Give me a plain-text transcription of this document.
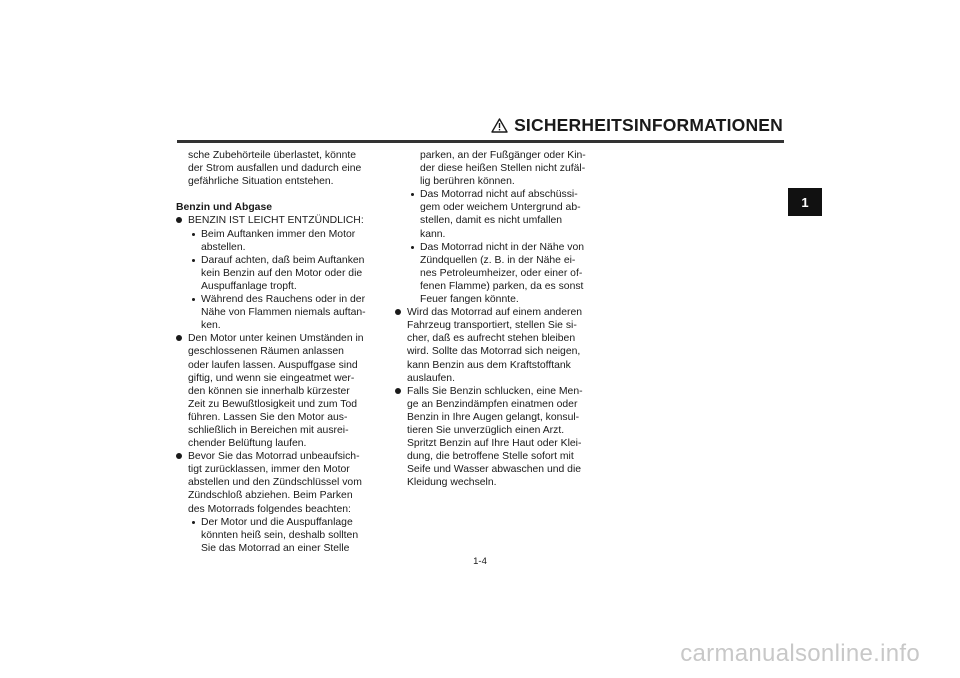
SICHERHEITSINFORMATIONEN
1
sche Zubehörteile überlastet, könnte
der Strom ausfallen und dadurch eine
gefährliche Situation entstehen.
Benzin und Abgase
BENZIN IST LEICHT ENTZÜNDLICH:
Beim Auftanken immer den Motor
abstellen.
Darauf achten, daß beim Auftanken
kein Benzin auf den Motor oder die
Auspuffanlage tropft.
Während des Rauchens oder in der
Nähe von Flammen niemals auftan-
ken.
Den Motor unter keinen Umständen in
geschlossenen Räumen anlassen
oder laufen lassen. Auspuffgase sind
giftig, und wenn sie eingeatmet wer-
den können sie innerhalb kürzester
Zeit zu Bewußtlosigkeit und zum Tod
führen. Lassen Sie den Motor aus-
schließlich in Bereichen mit ausrei-
chender Belüftung laufen.
Bevor Sie das Motorrad unbeaufsich-
tigt zurücklassen, immer den Motor
abstellen und den Zündschlüssel vom
Zündschloß abziehen. Beim Parken
des Motorrads folgendes beachten:
Der Motor und die Auspuffanlage
könnten heiß sein, deshalb sollten
Sie das Motorrad an einer Stelle
parken, an der Fußgänger oder Kin-
der diese heißen Stellen nicht zufäl-
lig berühren können.
Das Motorrad nicht auf abschüssi-
gem oder weichem Untergrund ab-
stellen, damit es nicht umfallen
kann.
Das Motorrad nicht in der Nähe von
Zündquellen (z. B. in der Nähe ei-
nes Petroleumheizer, oder einer of-
fenen Flamme) parken, da es sonst
Feuer fangen könnte.
Wird das Motorrad auf einem anderen
Fahrzeug transportiert, stellen Sie si-
cher, daß es aufrecht stehen bleiben
wird. Sollte das Motorrad sich neigen,
kann Benzin aus dem Kraftstofftank
auslaufen.
Falls Sie Benzin schlucken, eine Men-
ge an Benzindämpfen einatmen oder
Benzin in Ihre Augen gelangt, konsul-
tieren Sie unverzüglich einen Arzt.
Spritzt Benzin auf Ihre Haut oder Klei-
dung, die betroffene Stelle sofort mit
Seife und Wasser abwaschen und die
Kleidung wechseln.
1-4
carmanualsonline.info
